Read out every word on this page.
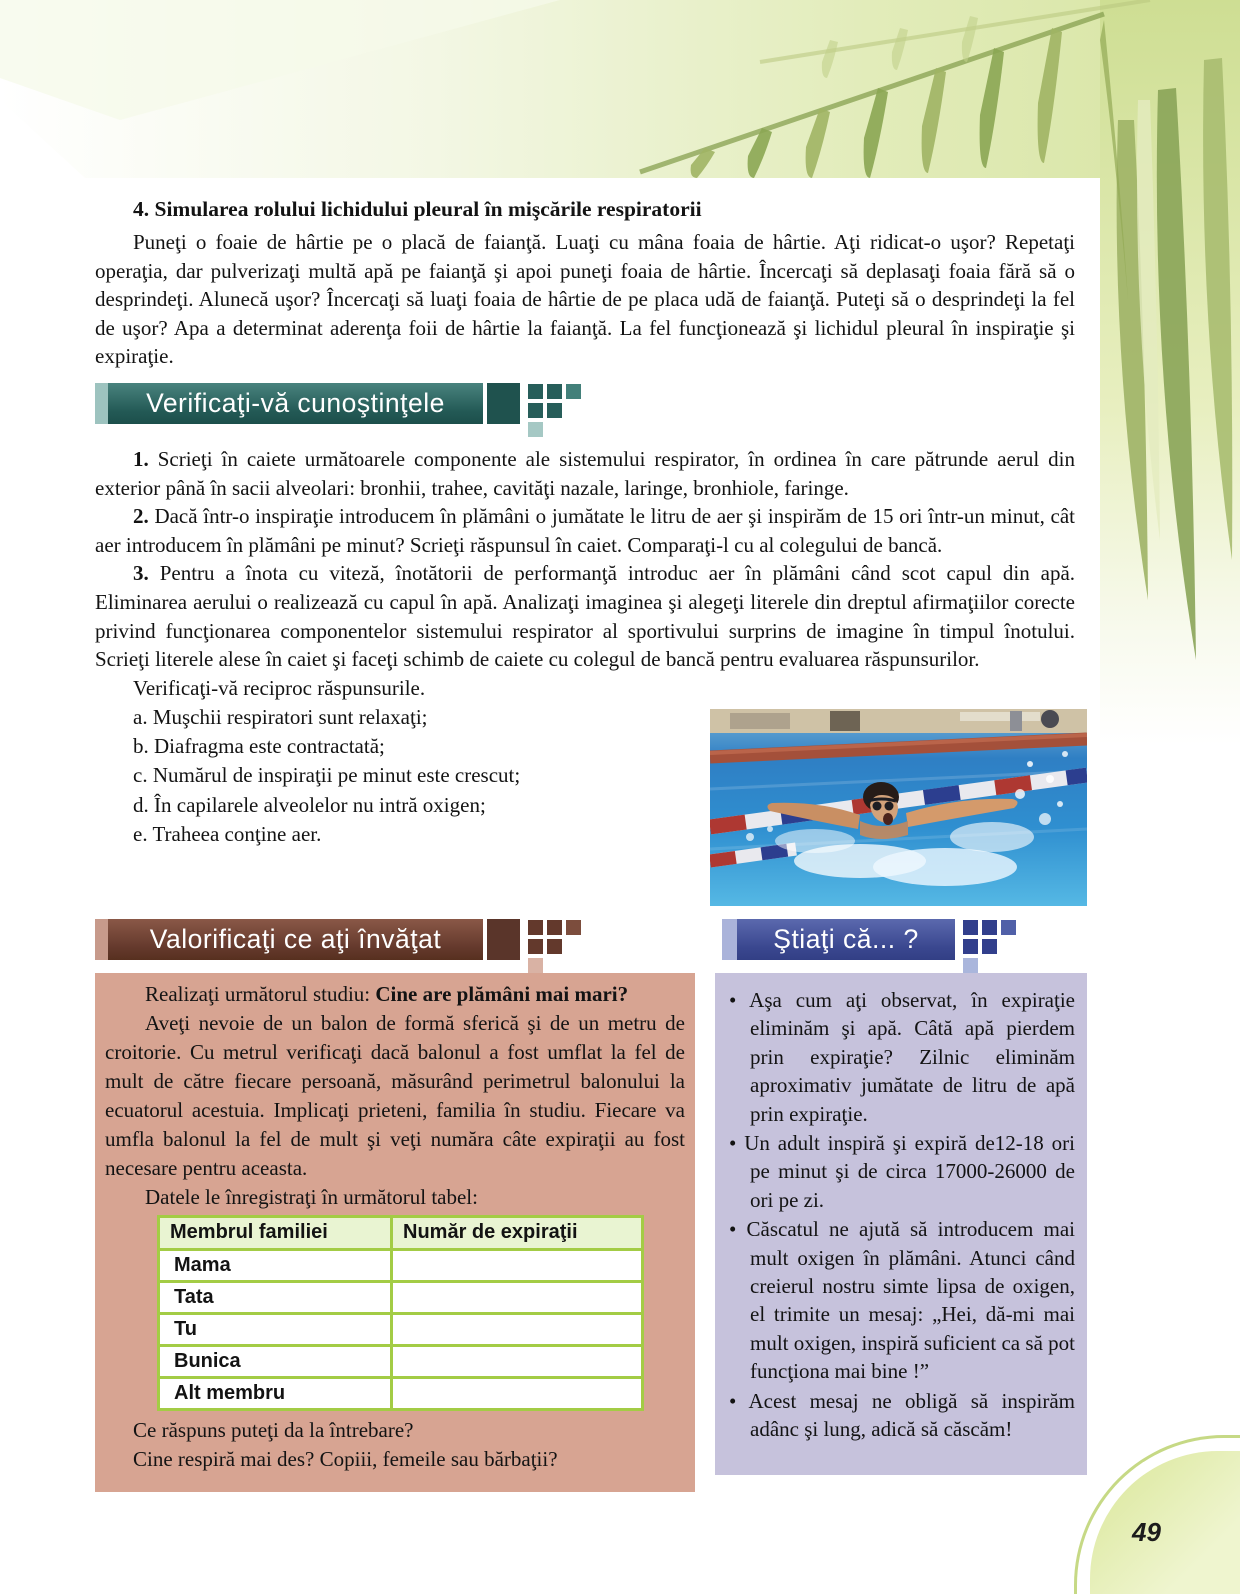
4. Simularea rolului lichidului pleural în mişcările respiratorii

Puneţi o foaie de hârtie pe o placă de faianţă. Luaţi cu mâna foaia de hârtie. Aţi ridicat-o uşor? Repetaţi operaţia, dar pulverizaţi multă apă pe faianţă şi apoi puneţi foaia de hârtie. Încercaţi să deplasaţi foaia fără să o desprindeţi. Alunecă uşor? Încercaţi să luaţi foaia de hârtie de pe placa udă de faianţă. Puteţi să o desprindeţi la fel de uşor? Apa a determinat aderenţa foii de hârtie la faianţă. La fel funcţionează şi lichidul pleural în inspiraţie şi expiraţie.

Verificaţi-vă cunoştinţele

1. Scrieţi în caiete următoarele componente ale sistemului respirator, în ordinea în care pătrunde aerul din exterior până în sacii alveolari: bronhii, trahee, cavităţi nazale, laringe, bronhiole, faringe.

2. Dacă într-o inspiraţie introducem în plămâni o jumătate le litru de aer şi inspirăm de 15 ori într-un minut, cât aer introducem în plămâni pe minut? Scrieţi răspunsul în caiet. Comparaţi-l cu al colegului de bancă.

3. Pentru a înota cu viteză, înotătorii de performanţă introduc aer în plămâni când scot capul din apă. Eliminarea aerului o realizează cu capul în apă. Analizaţi imaginea şi alegeţi literele din dreptul afirmaţiilor corecte privind funcţionarea componentelor sistemului respirator al sportivului surprins de imagine în timpul înotului. Scrieţi literele alese în caiet şi faceţi schimb de caiete cu colegul de bancă pentru evaluarea răspunsurilor.

Verificaţi-vă reciproc răspunsurile.

a. Muşchii respiratori sunt relaxaţi;

b. Diafragma este contractată;

c. Numărul de inspiraţii pe minut este crescut;

d. În capilarele alveolelor nu intră oxigen;

e. Traheea conţine aer.

Valorificaţi ce aţi învăţat

Realizaţi următorul studiu: Cine are plămâni mai mari?

Aveţi nevoie de un balon de formă sferică şi de un metru de croitorie. Cu metrul verificaţi dacă balonul a fost umflat la fel de mult de către fiecare persoană, măsurând perimetrul balonului la ecuatorul acestuia. Implicaţi prieteni, familia în studiu. Fiecare va umfla balonul la fel de mult şi veţi număra câte expiraţii au fost necesare pentru aceasta.

Datele le înregistraţi în următorul tabel:

Membrul familiei	Număr de expiraţii
Mama	
Tata	
Tu	
Bunica	
Alt membru	

Ce răspuns puteţi da la întrebare?

Cine respiră mai des? Copiii, femeile sau bărbaţii?

Ştiaţi că... ?
• Aşa cum aţi observat, în expiraţie eliminăm şi apă. Câtă apă pierdem prin expiraţie? Zilnic eliminăm aproximativ jumătate de litru de apă prin expiraţie.
• Un adult inspiră şi expiră de12-18 ori pe minut şi de circa 17000-26000 de ori pe zi.
• Căscatul ne ajută să introducem mai mult oxigen în plămâni. Atunci când creierul nostru simte lipsa de oxigen, el trimite un mesaj: „Hei, dă-mi mai mult oxigen, inspiră suficient ca să pot funcţiona mai bine !”
• Acest mesaj ne obligă să inspirăm adânc şi lung, adică să căscăm!
49
